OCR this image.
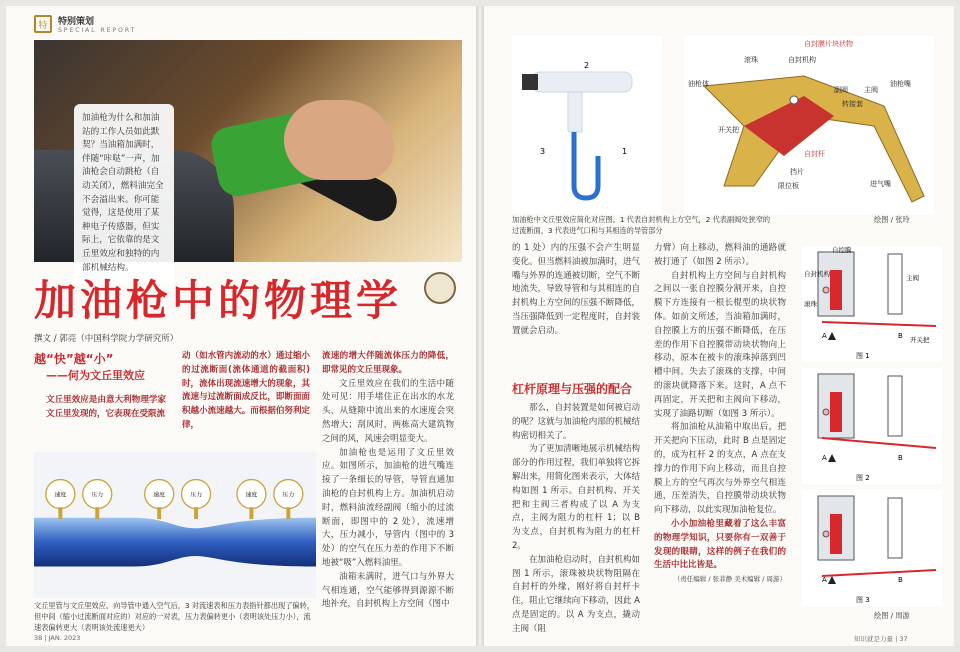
特	特别策划
SPECIAL REPORT
加油枪为什么和加油站的工作人员如此默契？当油箱加满时，伴随“咔哒”一声，加油枪会自动跳枪（自动关闭），燃料油完全不会溢出来。你可能觉得，这是使用了某种电子传感器，但实际上，它依靠的是文丘里效应和独特的内部机械结构。
加油枪中的物理学
撰文 / 郭亮（中国科学院力学研究所）
越“快”越“小”
——何为文丘里效应
文丘里效应是由意大利物理学家文丘里发现的，它表现在受限流
动（如水管内流动的水）通过缩小的过流断面(流体通道的截面积)时，流体出现流速增大的现象，其流速与过流断面成反比，即断面面积越小流速越大。而根据伯努利定律，
流速的增大伴随流体压力的降低，即常见的文丘里现象。
文丘里效应在我们的生活中随处可见：用手堵住正在出水的水龙头，从缝隙中流出来的水速度会突然增大；刮风时，两栋高大建筑物之间的风，风速会明显变大。
加油枪也是运用了文丘里效应。如图所示，加油枪的进气嘴连接了一条细长的导管，导管直通加油枪的自封机构上方。加油机启动时，燃料油流经副阀（缩小的过流断面，即图中的 2 处），流速增大，压力减小，导管内（图中的 3 处）的空气在压力差的作用下不断地被“吸”入燃料油里。
油箱未满时，进气口与外界大气相连通，空气能够得到源源不断地补充，自封机构上方空间（图中
速度	压力	速度	压力	速度	压力
文丘里管与文丘里效应。向导管中通入空气后，3 对流速表和压力表指针都出现了偏转，但中间（缩小过流断面对应的）对应的一对表，压力表偏转更小（表明该处压力小），流速表偏转更大（表明该处流速更大）
38 | JAN. 2023
2
3	1
自封膜片块状物
油枪体
滚珠	自封机构
副阀 主阀
转接套
油枪嘴
开关把
自封杆
挡片
限位板	进气嘴
加油枪中文丘里效应简化对应图。1 代表自封机构上方空气，2 代表副阀处狭窄的过流断面，3 代表进气口和与其相连的导管部分
绘图 / 张玲
的 1 处）内的压强不会产生明显变化。但当燃料油被加满时，进气嘴与外界的连通被切断，空气不断地流失，导致导管和与其相连的自封机构上方空间的压强不断降低，当压强降低到一定程度时，自封装置就会启动。
杠杆原理与压强的配合
那么，自封装置是如何被启动的呢？这就与加油枪内部的机械结构密切相关了。
为了更加清晰地展示机械结构部分的作用过程，我们单独将它拆解出来，用简化图来表示，大体结构如图 1 所示。自封机构、开关把和主阀三者构成了以 A 为支点，主阀为阻力的杠杆 1；以 B 为支点，自封机构为阻力的杠杆 2。
在加油枪启动时，自封机构如图 1 所示，滚珠被块状物阻隔在自封杆的外缘，刚好将自封杆卡住，阻止它继续向下移动，因此 A 点是固定的。以 A 为支点，撬动主阀（阻
力臂）向上移动，燃料油的通路就被打通了（如图 2 所示）。
自封机构上方空间与自封机构之间以一张自控膜分割开来，自控膜下方连接有一根长棍型的块状物体。如前文所述，当油箱加满时，自控膜上方的压强不断降低，在压差的作用下自控膜带动块状物向上移动，原本在被卡的滚珠掉落到凹槽中间。失去了滚珠的支撑，中间的滚块就降落下来。这时，A 点不再固定，开关把和主阀向下移动，实现了油路切断（如图 3 所示）。
将加油枪从油箱中取出后，把开关把向下压动，此时 B 点是固定的，成为杠杆 2 的支点，A 点在支撑力的作用下向上移动，而且自控膜上方的空气再次与外界空气相连通，压差消失，自控膜带动块状物向下移动，以此实现加油枪复位。
小小加油枪里藏着了这么丰富的物理学知识，只要你有一双善于发现的眼睛，这样的例子在我们的生活中比比皆是。
（责任编辑 / 张菲静 美术编辑 / 周游）
A	B
自控膜
自封机构
滚珠
主阀
开关把
图 1
A	B
图 2
A	B
图 3
绘图 / 周游
知识就是力量 | 37
